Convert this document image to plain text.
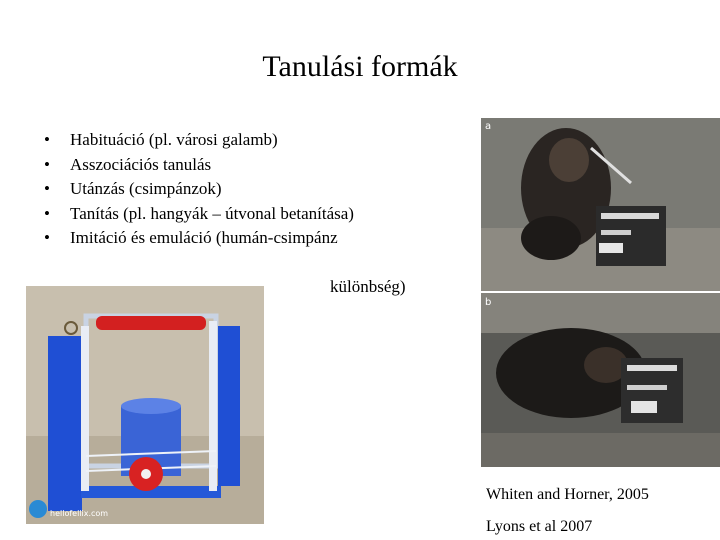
Tanulási formák
• Habituáció (pl. városi galamb)
• Asszociációs tanulás
• Utánzás (csimpánzok)
• Tanítás (pl. hangyák – útvonal betanítása)
• Imitáció és emuláció (humán-csimpánz
különbség)
a
b
hellofellix.com
Whiten and Horner, 2005
Lyons et al 2007
